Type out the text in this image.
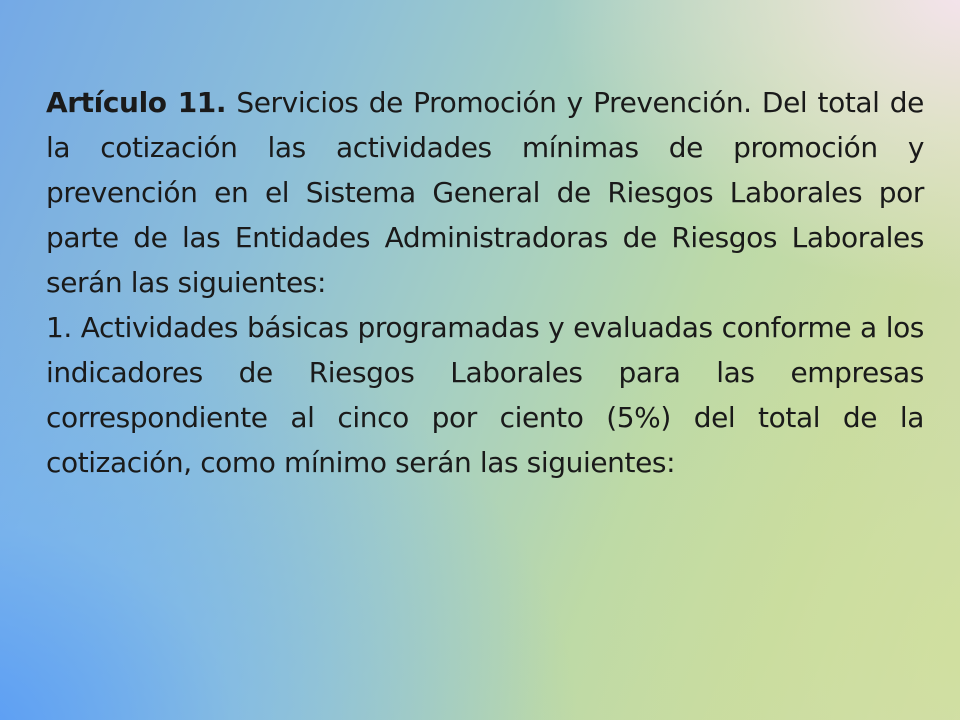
Artículo 11. Servicios de Promoción y Prevención. Del total de la cotización las actividades mínimas de promoción y prevención en el Sistema General de Riesgos Laborales por parte de las Entidades Administradoras de Riesgos Laborales serán las siguientes:

1. Actividades básicas programadas y evaluadas conforme a los indicadores de Riesgos Laborales para las empresas correspondiente al cinco por ciento (5%) del total de la cotización, como mínimo serán las siguientes:
